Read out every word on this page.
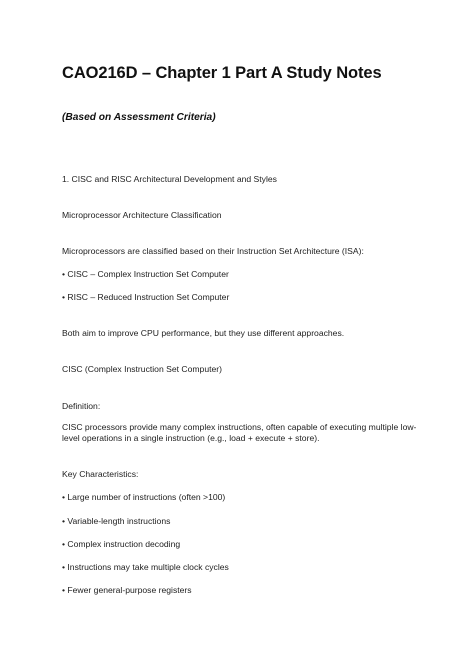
CAO216D – Chapter 1 Part A Study Notes

(Based on Assessment Criteria)

1. CISC and RISC Architectural Development and Styles

Microprocessor Architecture Classification

Microprocessors are classified based on their Instruction Set Architecture (ISA):

• CISC – Complex Instruction Set Computer

• RISC – Reduced Instruction Set Computer

Both aim to improve CPU performance, but they use different approaches.

CISC (Complex Instruction Set Computer)

Definition:

CISC processors provide many complex instructions, often capable of executing multiple low-level operations in a single instruction (e.g., load + execute + store).

Key Characteristics:

• Large number of instructions (often >100)

• Variable-length instructions

• Complex instruction decoding

• Instructions may take multiple clock cycles

• Fewer general-purpose registers
